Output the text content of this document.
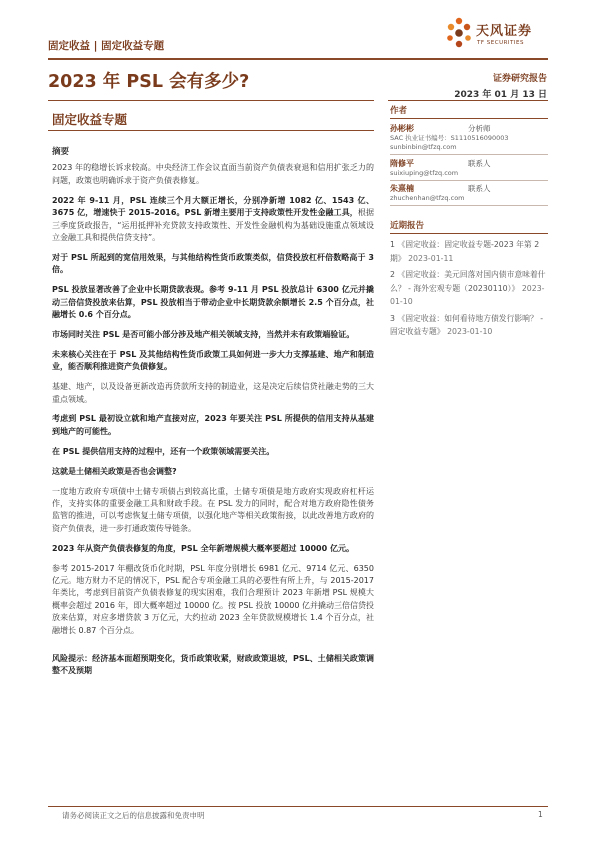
固定收益 | 固定收益专题
天风证券
TF SECURITIES
2023 年 PSL 会有多少?	证券研究报告
2023 年 01 月 13 日
固定收益专题
摘要

2023 年的稳增长诉求较高。中央经济工作会议直面当前资产负债表衰退和信用扩张乏力的问题，政策也明确诉求于资产负债表修复。

2022 年 9-11 月，PSL 连续三个月大额正增长，分别净新增 1082 亿、1543 亿、3675 亿，增速快于 2015-2016。PSL 新增主要用于支持政策性开发性金融工具，根据三季度货政报告，“运用抵押补充贷款支持政策性、开发性金融机构为基础设施重点领域设立金融工具和提供信贷支持”。

对于 PSL 所起到的宽信用效果，与其他结构性货币政策类似，信贷投放杠杆倍数略高于 3 倍。

PSL 投放显著改善了企业中长期贷款表现。参考 9-11 月 PSL 投放总计 6300 亿元并撬动三倍信贷投放来估算，PSL 投放相当于带动企业中长期贷款余额增长 2.5 个百分点，社融增长 0.6 个百分点。

市场同时关注 PSL 是否可能小部分涉及地产相关领域支持，当然并未有政策端验证。

未来核心关注在于 PSL 及其他结构性货币政策工具如何进一步大力支撑基建、地产和制造业，能否顺利推进资产负债修复。

基建、地产，以及设备更新改造再贷款所支持的制造业，这是决定后续信贷社融走势的三大重点领域。

考虑到 PSL 最初设立就和地产直接对应，2023 年要关注 PSL 所提供的信用支持从基建到地产的可能性。

在 PSL 提供信用支持的过程中，还有一个政策领域需要关注。

这就是土储相关政策是否也会调整?

一度地方政府专项债中土储专项债占到较高比重，土储专项债是地方政府实现政府杠杆运作，支持实体的重要金融工具和财政手段。在 PSL 发力的同时，配合对地方政府隐性债务监管的推进，可以考虑恢复土储专项债，以强化地产等相关政策衔接，以此改善地方政府的资产负债表，进一步打通政策传导链条。

2023 年从资产负债表修复的角度，PSL 全年新增规模大概率要超过 10000 亿元。

参考 2015-2017 年棚改货币化时期，PSL 年度分别增长 6981 亿元、9714 亿元、6350 亿元。地方财力不足的情况下，PSL 配合专项金融工具的必要性有所上升，与 2015-2017 年类比，考虑到目前资产负债表修复的现实困难，我们合理预计 2023 年新增 PSL 规模大概率会超过 2016 年，即大概率超过 10000 亿。按 PSL 投放 10000 亿并撬动三倍信贷投放来估算，对应多增贷款 3 万亿元，大约拉动 2023 全年贷款规模增长 1.4 个百分点，社融增长 0.87 个百分点。

风险提示：经济基本面超预期变化，货币政策收紧，财政政策退坡，PSL、土储相关政策调整不及预期

作者
孙彬彬	分析师
SAC 执业证书编号：S1110516090003
sunbinbin@tfzq.com
隋修平	联系人
suixiuping@tfzq.com
朱熹楠	联系人
zhuchenhan@tfzq.com
近期报告
1 《固定收益：固定收益专题-2023 年第 2 期》 2023-01-11
2 《固定收益：美元回落对国内债市意味着什么？ - 海外宏观专题（20230110）》 2023-01-10
3 《固定收益：如何看待地方债发行影响？ -固定收益专题》 2023-01-10
请务必阅读正文之后的信息披露和免责申明	1
